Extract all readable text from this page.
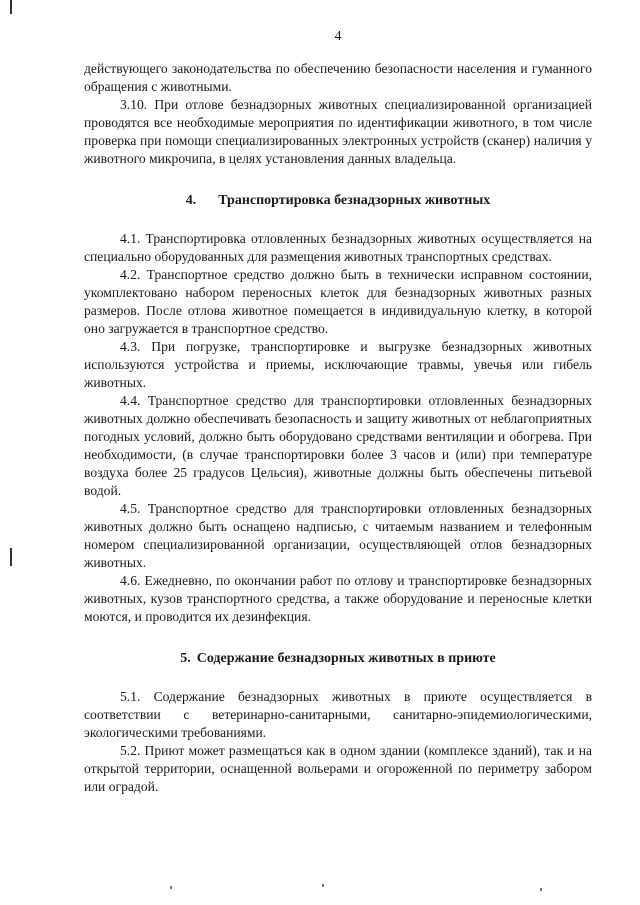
4

действующего законодательства по обеспечению безопасности населения и гуманного обращения с животными.

3.10. При отлове безнадзорных животных специализированной организацией проводятся все необходимые мероприятия по идентификации животного, в том числе проверка при помощи специализированных электронных устройств (сканер) наличия у животного микрочипа, в целях установления данных владельца.

4. Транспортировка безнадзорных животных

4.1. Транспортировка отловленных безнадзорных животных осуществляется на специально оборудованных для размещения животных транспортных средствах.

4.2. Транспортное средство должно быть в технически исправном состоянии, укомплектовано набором переносных клеток для безнадзорных животных разных размеров. После отлова животное помещается в индивидуальную клетку, в которой оно загружается в транспортное средство.

4.3. При погрузке, транспортировке и выгрузке безнадзорных животных используются устройства и приемы, исключающие травмы, увечья или гибель животных.

4.4. Транспортное средство для транспортировки отловленных безнадзорных животных должно обеспечивать безопасность и защиту животных от неблагоприятных погодных условий, должно быть оборудовано средствами вентиляции и обогрева. При необходимости, (в случае транспортировки более 3 часов и (или) при температуре воздуха более 25 градусов Цельсия), животные должны быть обеспечены питьевой водой.

4.5. Транспортное средство для транспортировки отловленных безнадзорных животных должно быть оснащено надписью, с читаемым названием и телефонным номером специализированной организации, осуществляющей отлов безнадзорных животных.

4.6. Ежедневно, по окончании работ по отлову и транспортировке безнадзорных животных, кузов транспортного средства, а также оборудование и переносные клетки моются, и проводится их дезинфекция.

5. Содержание безнадзорных животных в приюте

5.1. Содержание безнадзорных животных в приюте осуществляется в соответствии с ветеринарно-санитарными, санитарно-эпидемиологическими, экологическими требованиями.

5.2. Приют может размещаться как в одном здании (комплексе зданий), так и на открытой территории, оснащенной вольерами и огороженной по периметру забором или оградой.
